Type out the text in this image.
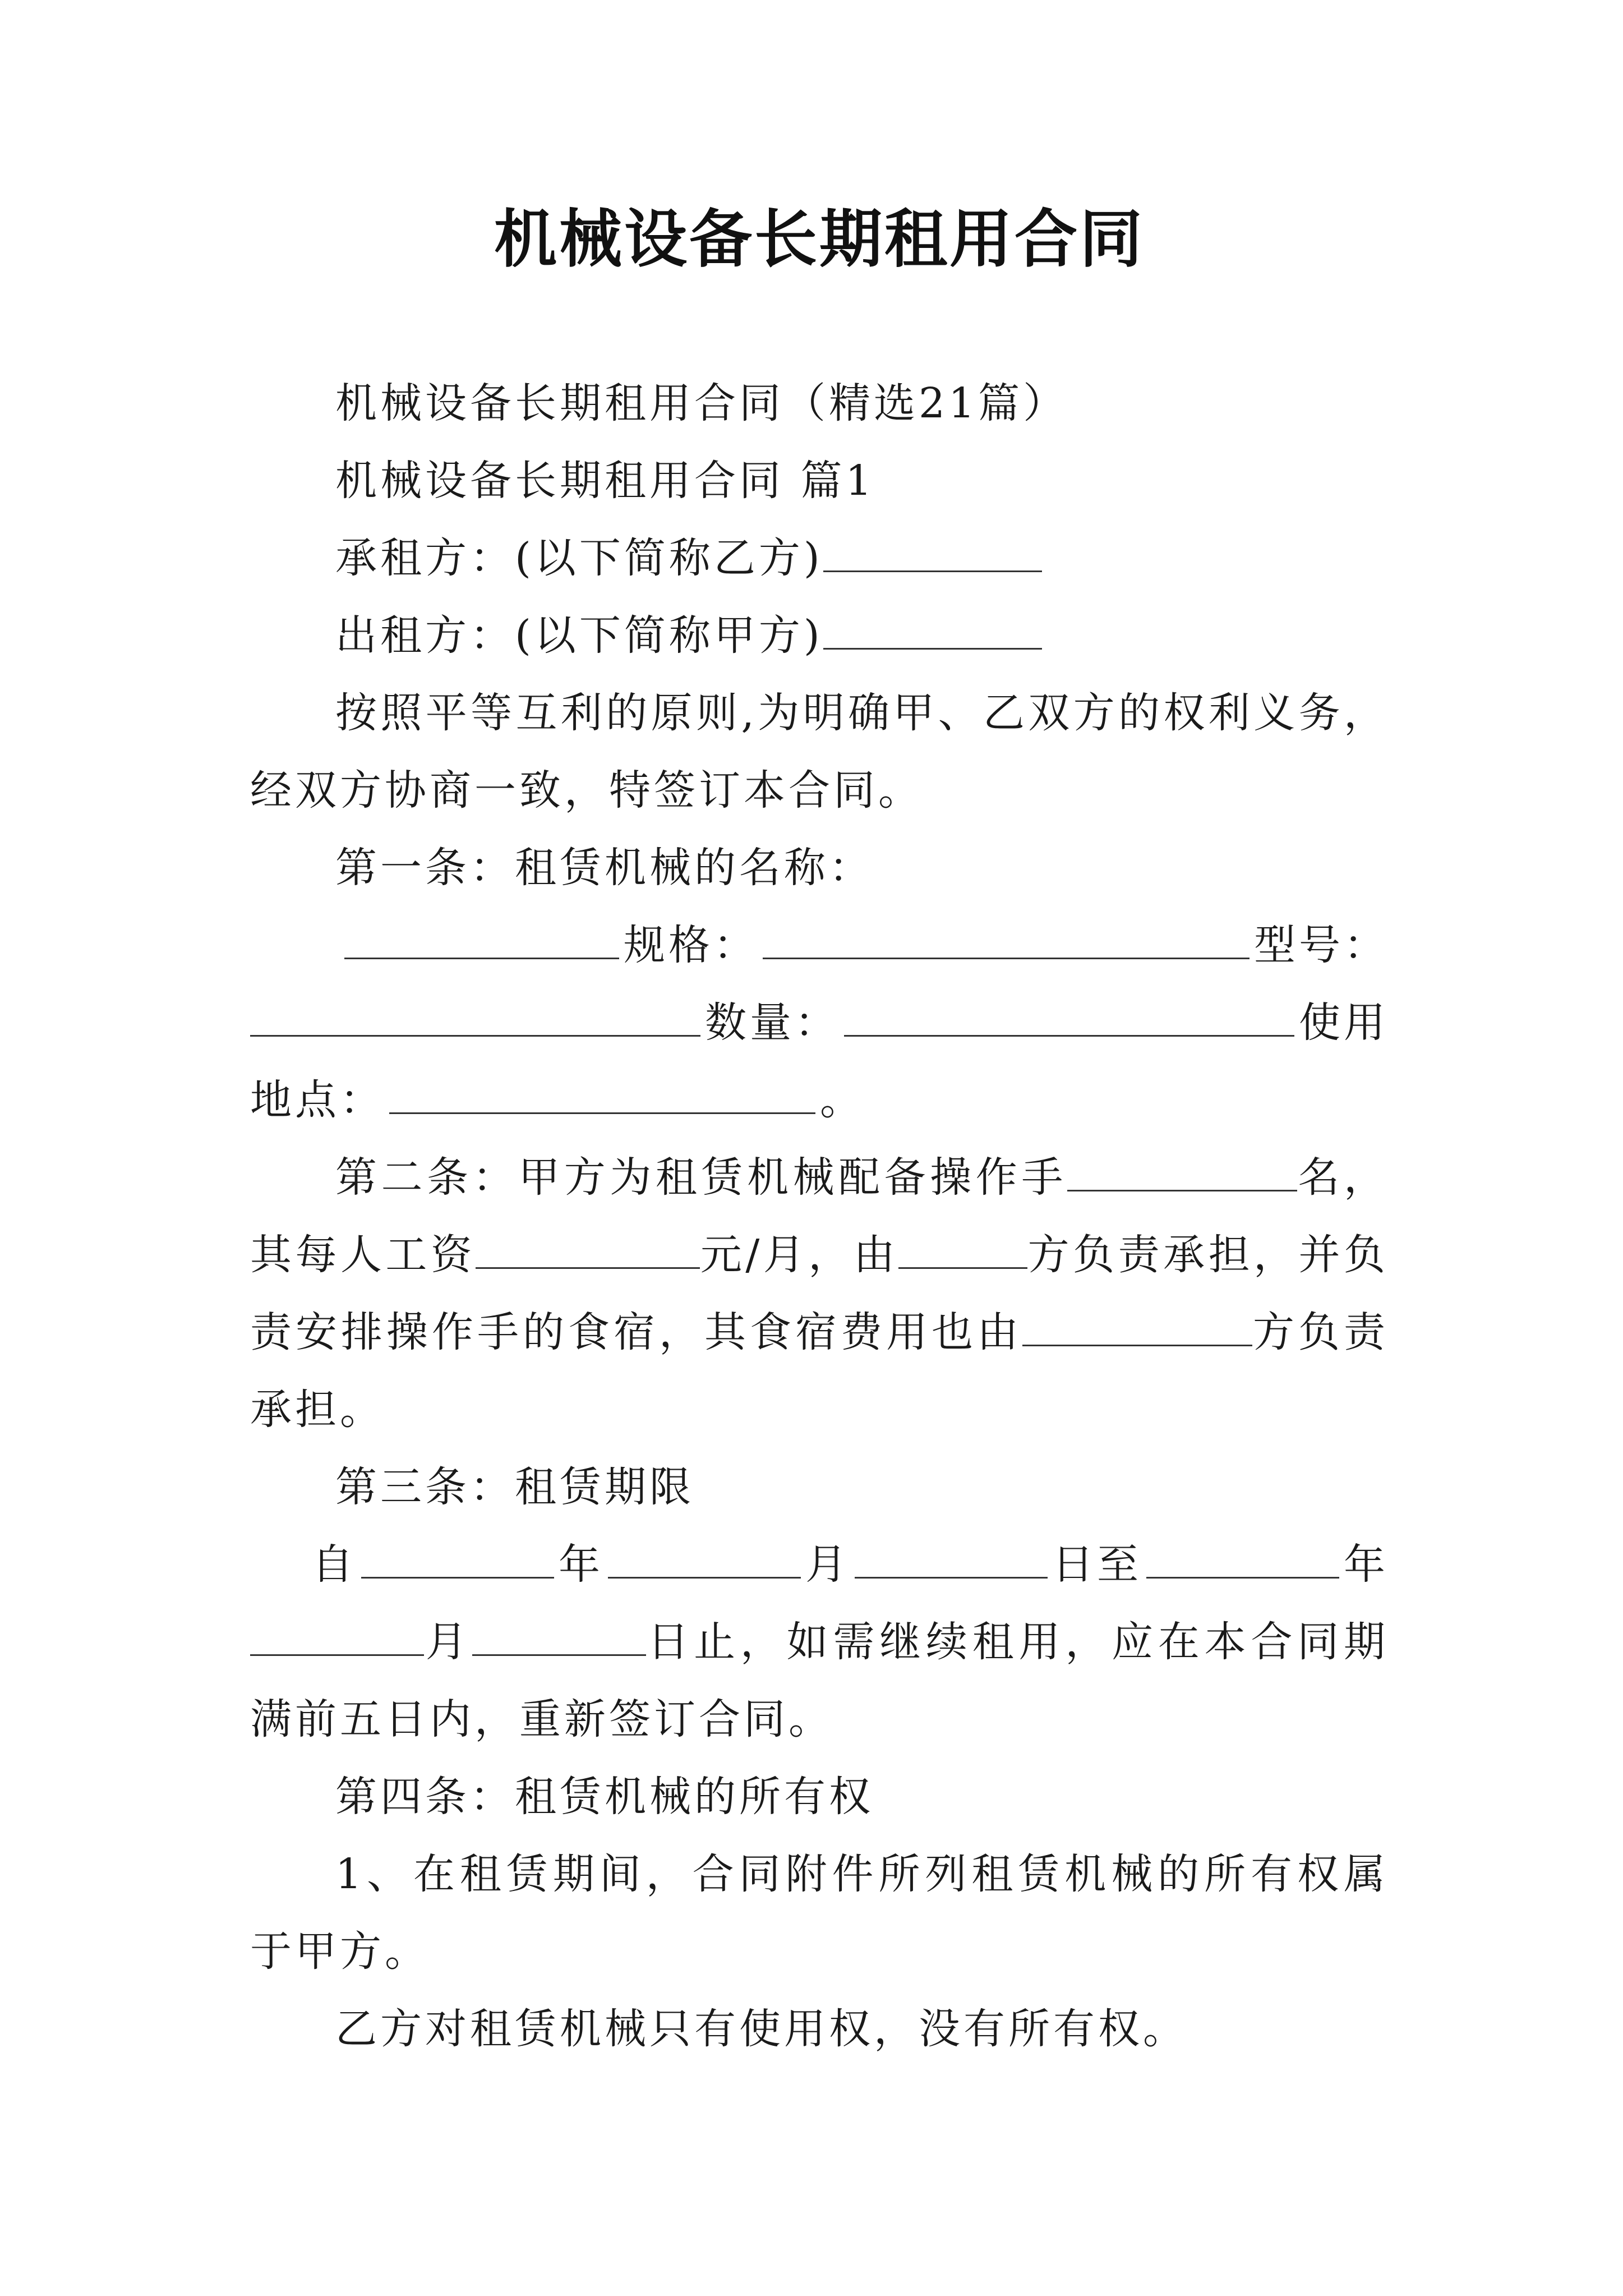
机械设备长期租用合同

机械设备长期租用合同（精选21篇）

机械设备长期租用合同 篇1

承租方：(以下简称乙方)

出租方：(以下简称甲方)

按照平等互利的原则,为明确甲、乙双方的权利义务，经双方协商一致，特签订本合同。

第一条：租赁机械的名称：

规格：	型号：
数量：	使用
地点：	。

第二条：甲方为租赁机械配备操作手	名，其每人工资	元/月，由	方负责承担，并负责安排操作手的食宿，其食宿费用也由	方负责承担。

第三条：租赁期限

自	年	月	日至	年

月	日止，如需继续租用，应在本合同期满前五日内，重新签订合同。

第四条：租赁机械的所有权

1、在租赁期间，合同附件所列租赁机械的所有权属于甲方。

乙方对租赁机械只有使用权，没有所有权。
